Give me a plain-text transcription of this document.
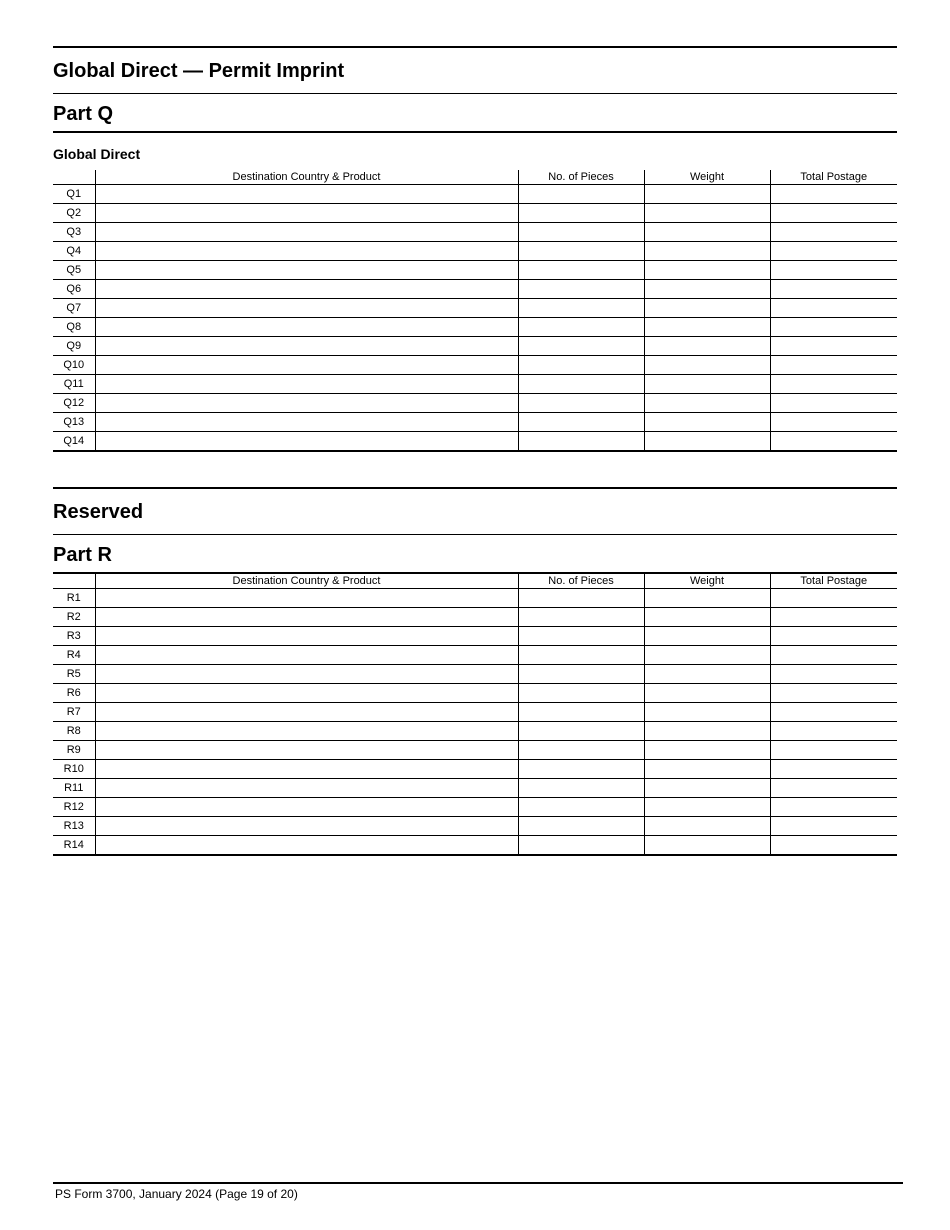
Global Direct — Permit Imprint
Part Q
Global Direct
	Destination Country & Product	No. of Pieces	Weight	Total Postage
Q1				
Q2				
Q3				
Q4				
Q5				
Q6				
Q7				
Q8				
Q9				
Q10				
Q11				
Q12				
Q13				
Q14				
Reserved
Part R
	Destination Country & Product	No. of Pieces	Weight	Total Postage
R1				
R2				
R3				
R4				
R5				
R6				
R7				
R8				
R9				
R10				
R11				
R12				
R13				
R14				
PS Form 3700, January 2024 (Page 19 of 20)
